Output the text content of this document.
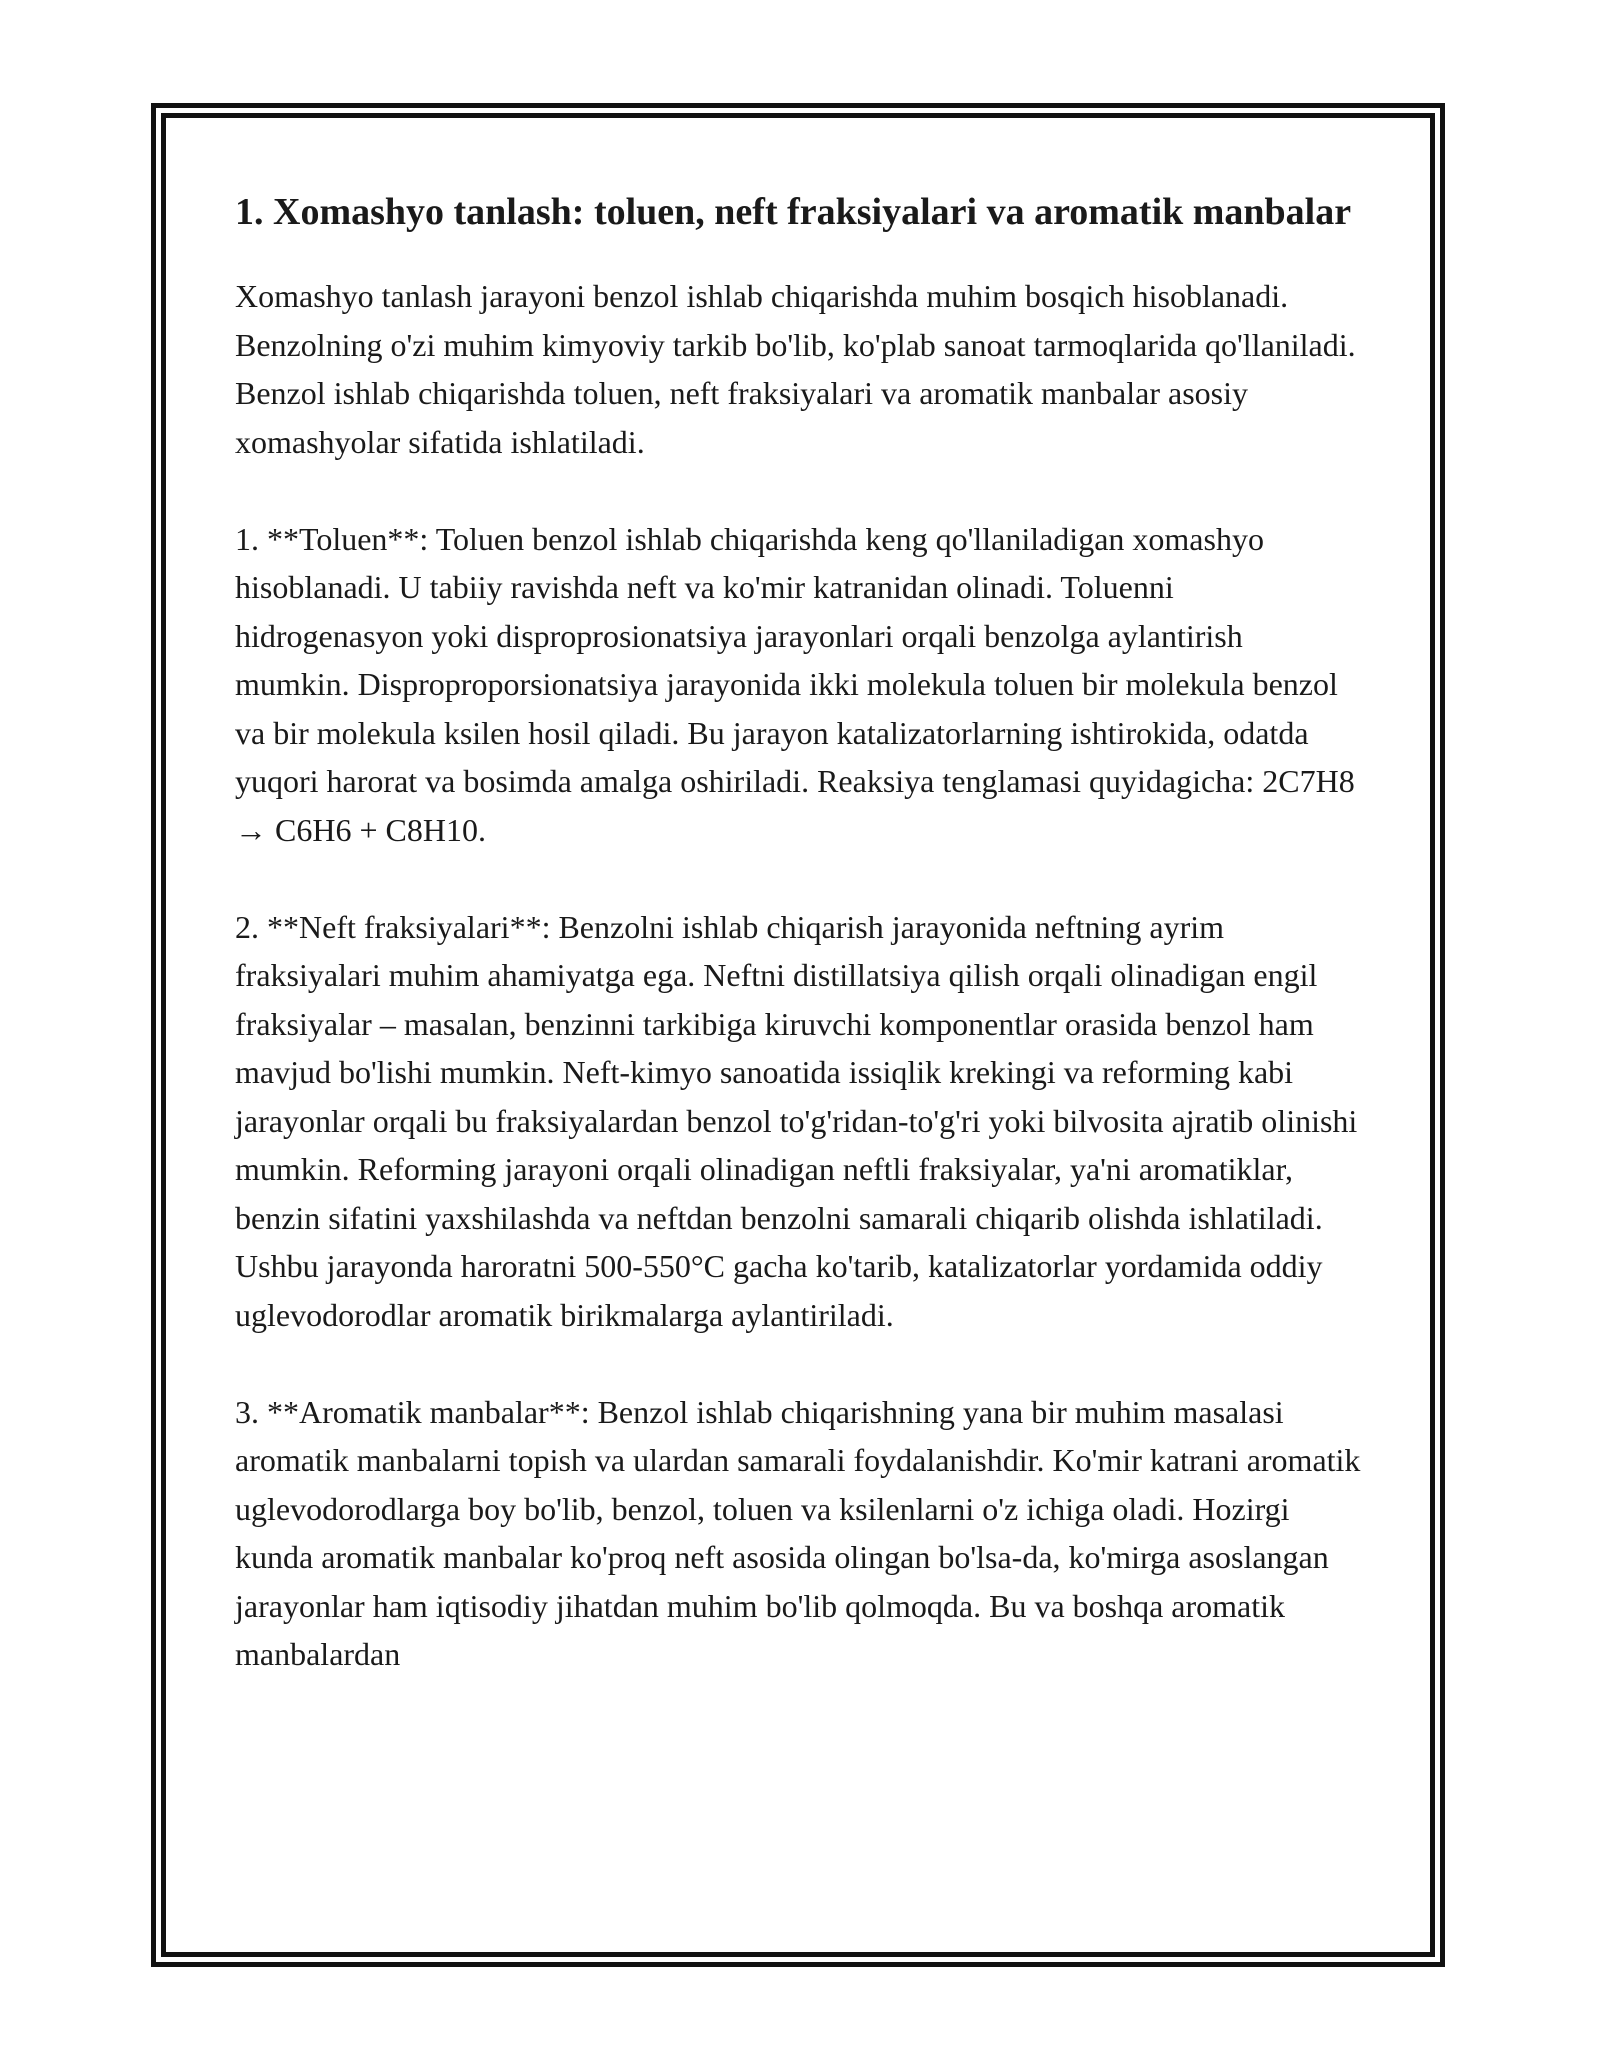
1. Xomashyo tanlash: toluen, neft fraksiyalari va aromatik manbalar

Xomashyo tanlash jarayoni benzol ishlab chiqarishda muhim bosqich hisoblanadi. Benzolning o'zi muhim kimyoviy tarkib bo'lib, ko'plab sanoat tarmoqlarida qo'llaniladi. Benzol ishlab chiqarishda toluen, neft fraksiyalari va aromatik manbalar asosiy xomashyolar sifatida ishlatiladi.

1. **Toluen**: Toluen benzol ishlab chiqarishda keng qo'llaniladigan xomashyo hisoblanadi. U tabiiy ravishda neft va ko'mir katranidan olinadi. Toluenni hidrogenasyon yoki disproprosionatsiya jarayonlari orqali benzolga aylantirish mumkin. Disproproporsionatsiya jarayonida ikki molekula toluen bir molekula benzol va bir molekula ksilen hosil qiladi. Bu jarayon katalizatorlarning ishtirokida, odatda yuqori harorat va bosimda amalga oshiriladi. Reaksiya tenglamasi quyidagicha: 2C7H8 → C6H6 + C8H10.

2. **Neft fraksiyalari**: Benzolni ishlab chiqarish jarayonida neftning ayrim fraksiyalari muhim ahamiyatga ega. Neftni distillatsiya qilish orqali olinadigan engil fraksiyalar – masalan, benzinni tarkibiga kiruvchi komponentlar orasida benzol ham mavjud bo'lishi mumkin. Neft-kimyo sanoatida issiqlik krekingi va reforming kabi jarayonlar orqali bu fraksiyalardan benzol to'g'ridan-to'g'ri yoki bilvosita ajratib olinishi mumkin. Reforming jarayoni orqali olinadigan neftli fraksiyalar, ya'ni aromatiklar, benzin sifatini yaxshilashda va neftdan benzolni samarali chiqarib olishda ishlatiladi. Ushbu jarayonda haroratni 500-550°C gacha ko'tarib, katalizatorlar yordamida oddiy uglevodorodlar aromatik birikmalarga aylantiriladi.

3. **Aromatik manbalar**: Benzol ishlab chiqarishning yana bir muhim masalasi aromatik manbalarni topish va ulardan samarali foydalanishdir. Ko'mir katrani aromatik uglevodorodlarga boy bo'lib, benzol, toluen va ksilenlarni o'z ichiga oladi. Hozirgi kunda aromatik manbalar ko'proq neft asosida olingan bo'lsa-da, ko'mirga asoslangan jarayonlar ham iqtisodiy jihatdan muhim bo'lib qolmoqda. Bu va boshqa aromatik manbalardan
